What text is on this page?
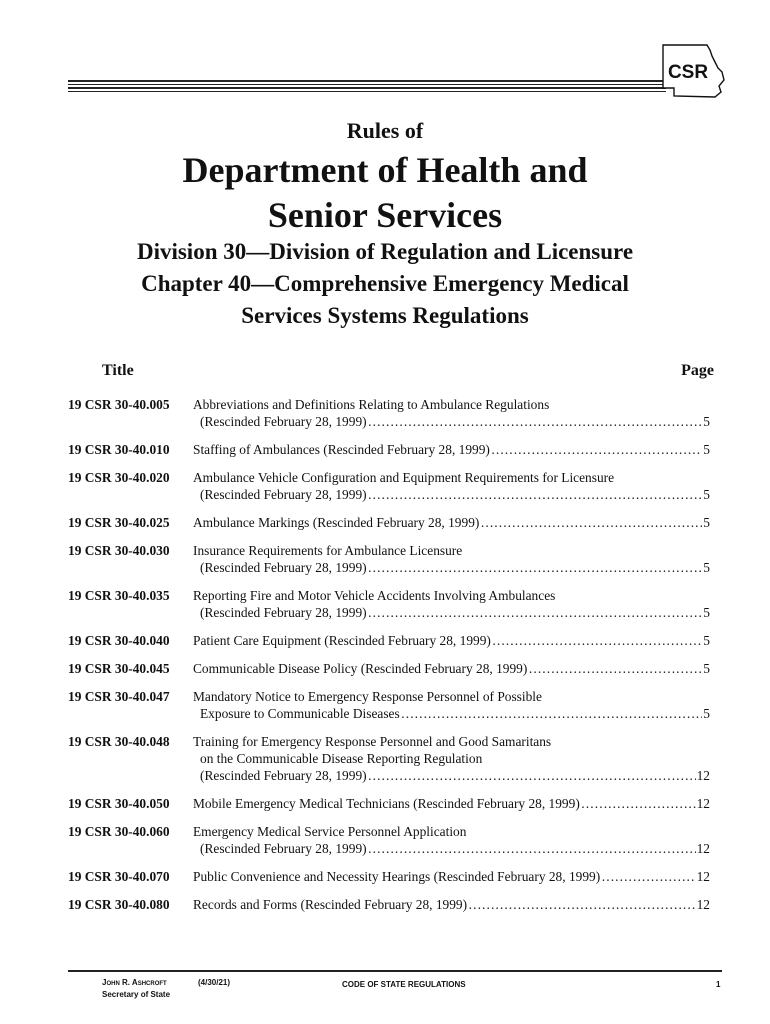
CSR
Rules of
Department of Health and
Senior Services
Division 30—Division of Regulation and Licensure
Chapter 40—Comprehensive Emergency Medical
Services Systems Regulations
Title	Page
19 CSR 30-40.005	Abbreviations and Definitions Relating to Ambulance Regulations
(Rescinded February 28, 1999) …………………………………………………………………………………………………………	5
19 CSR 30-40.010	Staffing of Ambulances (Rescinded February 28, 1999) …………………………………………………………………………………………………………	5
19 CSR 30-40.020	Ambulance Vehicle Configuration and Equipment Requirements for Licensure
(Rescinded February 28, 1999) …………………………………………………………………………………………………………	5
19 CSR 30-40.025	Ambulance Markings (Rescinded February 28, 1999) …………………………………………………………………………………………………………	5
19 CSR 30-40.030	Insurance Requirements for Ambulance Licensure
(Rescinded February 28, 1999) …………………………………………………………………………………………………………	5
19 CSR 30-40.035	Reporting Fire and Motor Vehicle Accidents Involving Ambulances
(Rescinded February 28, 1999) …………………………………………………………………………………………………………	5
19 CSR 30-40.040	Patient Care Equipment (Rescinded February 28, 1999) …………………………………………………………………………………………………………	5
19 CSR 30-40.045	Communicable Disease Policy (Rescinded February 28, 1999) …………………………………………………………………………………………………………	5
19 CSR 30-40.047	Mandatory Notice to Emergency Response Personnel of Possible
Exposure to Communicable Diseases …………………………………………………………………………………………………………	5
19 CSR 30-40.048	Training for Emergency Response Personnel and Good Samaritans
on the Communicable Disease Reporting Regulation
(Rescinded February 28, 1999) …………………………………………………………………………………………………………	12
19 CSR 30-40.050	Mobile Emergency Medical Technicians (Rescinded February 28, 1999) …………………………………………………………………………………………………………	12
19 CSR 30-40.060	Emergency Medical Service Personnel Application
(Rescinded February 28, 1999) …………………………………………………………………………………………………………	12
19 CSR 30-40.070	Public Convenience and Necessity Hearings (Rescinded February 28, 1999) …………………………………………………………………………………………………………	12
19 CSR 30-40.080	Records and Forms (Rescinded February 28, 1999) …………………………………………………………………………………………………………	12
John R. Ashcroft
Secretary of State
(4/30/21)	CODE OF STATE REGULATIONS	1
